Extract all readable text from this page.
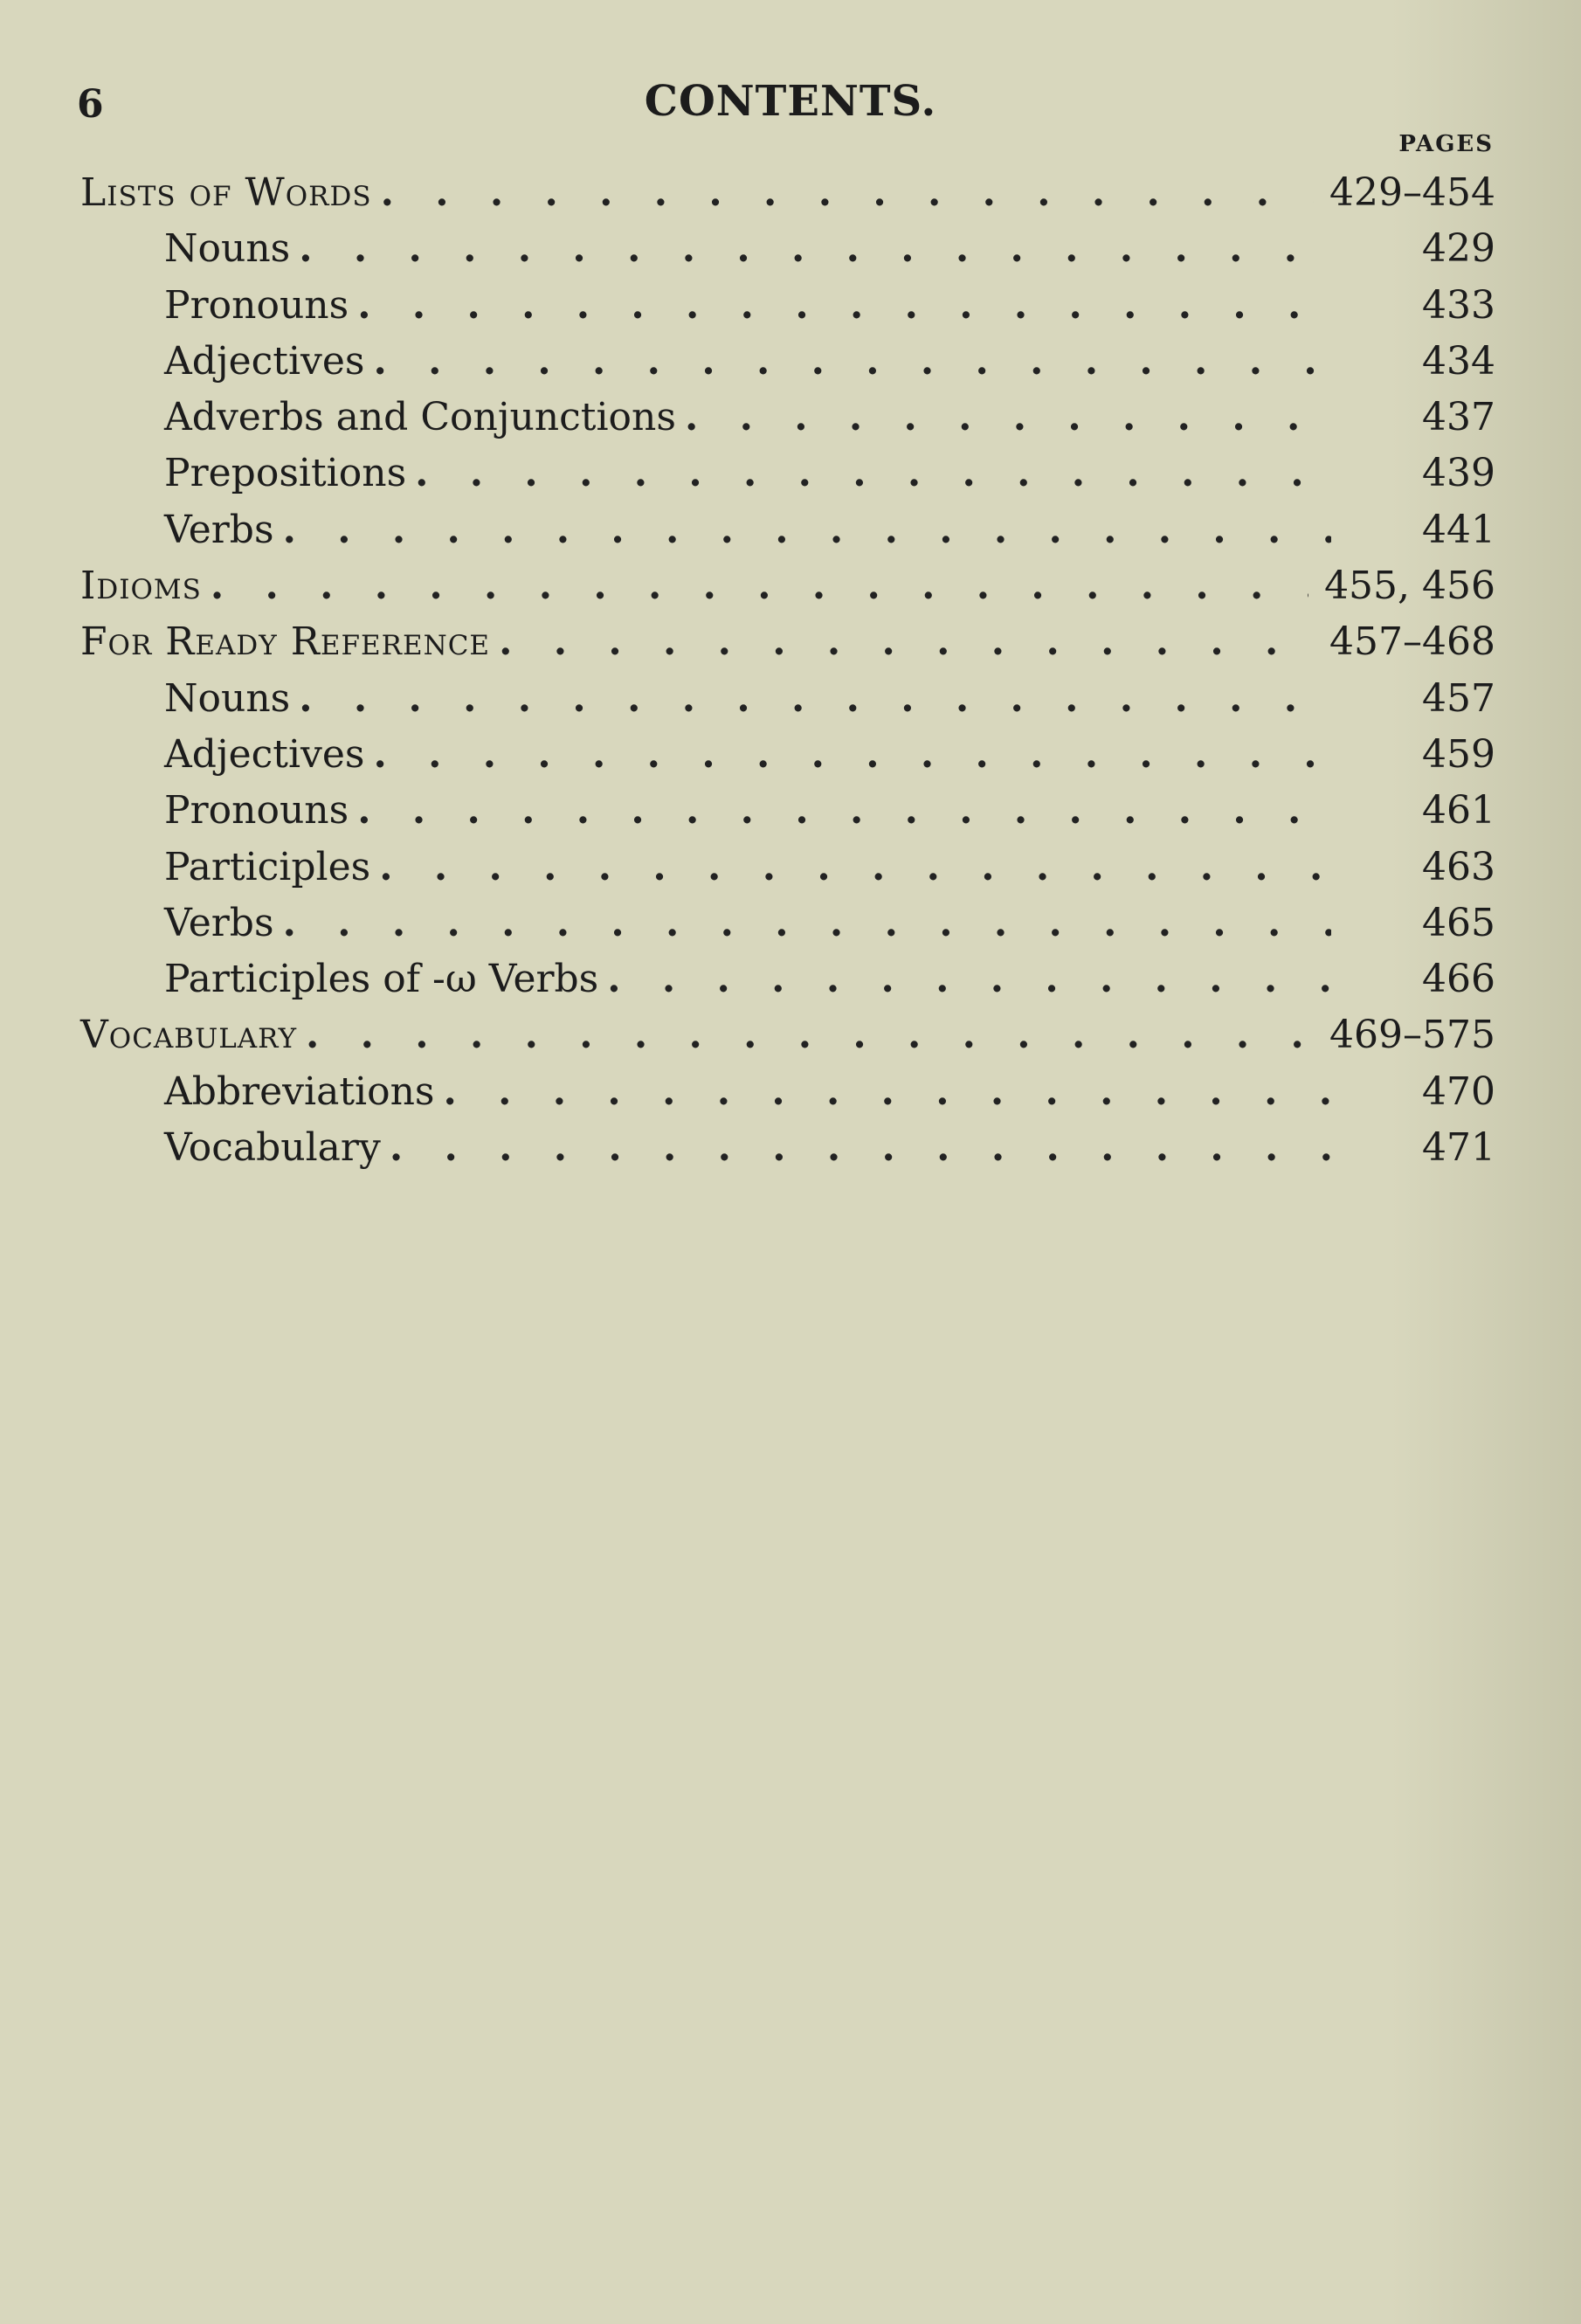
6	CONTENTS.
PAGES
Lists of Words . . .	429–454
Nouns . . .	429
Pronouns . . .	433
Adjectives . . .	434
Adverbs and Conjunctions . . .	437
Prepositions . . .	439
Verbs . . .	441
Idioms . . .	455, 456
For Ready Reference . . .	457–468
Nouns . . .	457
Adjectives . . .	459
Pronouns . . .	461
Participles . . .	463
Verbs . . .	465
Participles of -ω Verbs . . .	466
Vocabulary . . .	469–575
Abbreviations . . .	470
Vocabulary . . .	471
